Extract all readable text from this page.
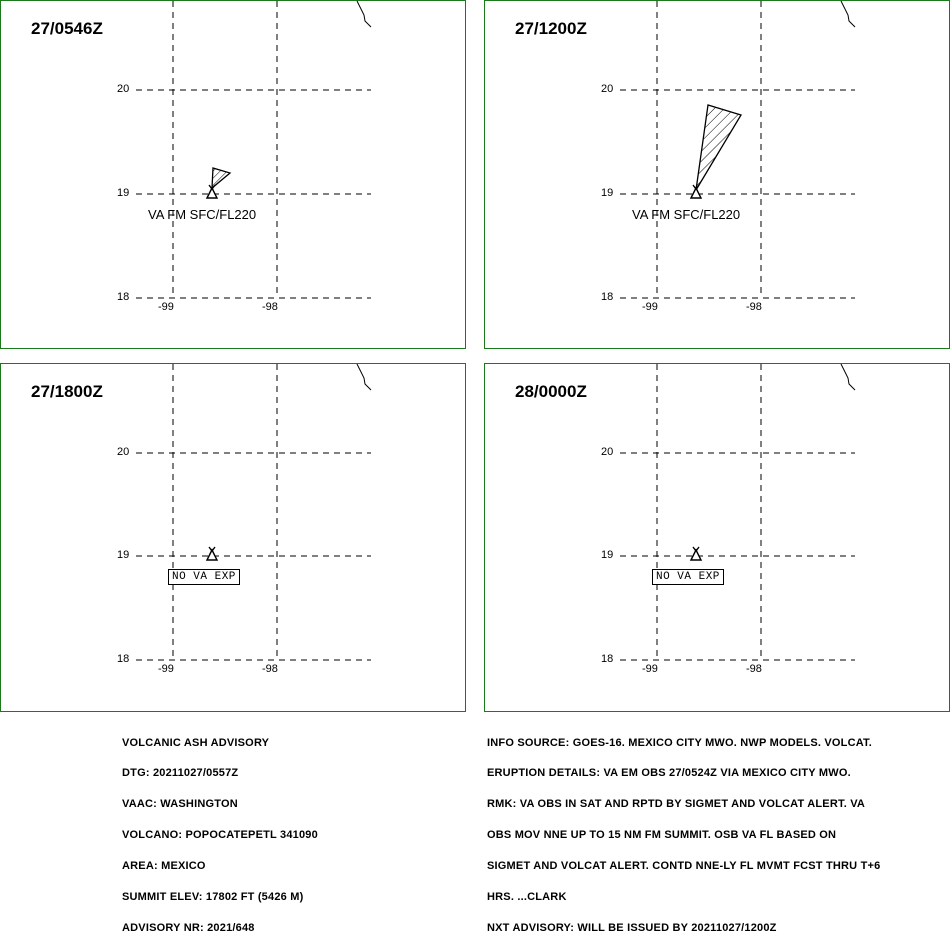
27/0546Z
20
19
18
-99	-98
VA FM SFC/FL220
27/1200Z
20
19
18
-99	-98
VA FM SFC/FL220
27/1800Z
20
19
18
-99	-98
NO VA EXP
28/0000Z
20
19
18
-99	-98
NO VA EXP

VOLCANIC ASH ADVISORY

DTG: 20211027/0557Z

VAAC: WASHINGTON

VOLCANO: POPOCATEPETL 341090

AREA: MEXICO

SUMMIT ELEV: 17802 FT (5426 M)

ADVISORY NR: 2021/648

INFO SOURCE: GOES-16. MEXICO CITY MWO. NWP MODELS. VOLCAT.

ERUPTION DETAILS: VA EM OBS 27/0524Z VIA MEXICO CITY MWO.

RMK: VA OBS IN SAT AND RPTD BY SIGMET AND VOLCAT ALERT. VA

OBS MOV NNE UP TO 15 NM FM SUMMIT. OSB VA FL BASED ON

SIGMET AND VOLCAT ALERT. CONTD NNE-LY FL MVMT FCST THRU T+6

HRS. ...CLARK

NXT ADVISORY: WILL BE ISSUED BY 20211027/1200Z
